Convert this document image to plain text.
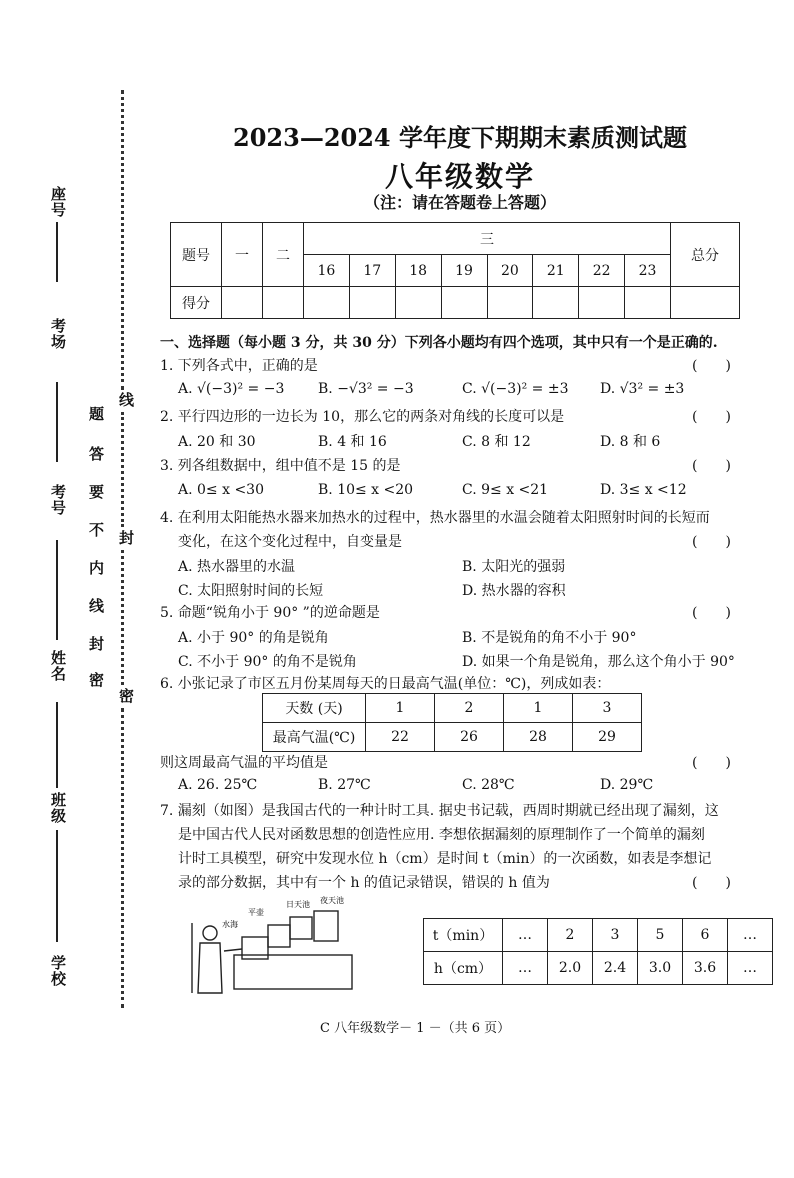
座号
考场
考号
姓名
班级
学校
密
封
线
内
不
要
答
题
线
封
密
2023—2024 学年度下期期末素质测试题
八年级数学
（注：请在答题卷上答题）
题号	一	二	三								总分
			16	17	18	19	20	21	22	23	
得分											
一、选择题（每小题 3 分，共 30 分）下列各小题均有四个选项，其中只有一个是正确的.
1. 下列各式中，正确的是	(　　)
A. √(−3)² = −3 B. −√3² = −3	C. √(−3)² = ±3 D. √3² = ±3
2. 平行四边形的一边长为 10，那么它的两条对角线的长度可以是	(　　)
A. 20 和 30	B. 4 和 16	C. 8 和 12	D. 8 和 6
3. 列各组数据中，组中值不是 15 的是	(　　)
A. 0≤ x <30	B. 10≤ x <20	C. 9≤ x <21	D. 3≤ x <12
4. 在利用太阳能热水器来加热水的过程中，热水器里的水温会随着太阳照射时间的长短而
变化，在这个变化过程中，自变量是	(　　)
A. 热水器里的水温	B. 太阳光的强弱
C. 太阳照射时间的长短	D. 热水器的容积
5. 命题“锐角小于 90° ”的逆命题是	(　　)
A. 小于 90° 的角是锐角	B. 不是锐角的角不小于 90°
C. 不小于 90° 的角不是锐角	D. 如果一个角是锐角，那么这个角小于 90°
6. 小张记录了市区五月份某周每天的日最高气温(单位：℃)，列成如表：
天数 (天)	1	2	1	3
最高气温(℃)	22	26	28	29
则这周最高气温的平均值是	(　　)
A. 26. 25℃	B. 27℃	C. 28℃	D. 29℃
7. 漏刻（如图）是我国古代的一种计时工具. 据史书记载，西周时期就已经出现了漏刻，这
是中国古代人民对函数思想的创造性应用. 李想依据漏刻的原理制作了一个简单的漏刻
计时工具模型，研究中发现水位 h（cm）是时间 t（min）的一次函数，如表是李想记
录的部分数据，其中有一个 h 的值记录错误，错误的 h 值为	(　　)
水海
平壶
日天池 夜天池
t（min）	…	2	3	5	6	…
h（cm）	…	2.0	2.4	3.0	3.6	…
C 八年级数学－ 1 －（共 6 页）
